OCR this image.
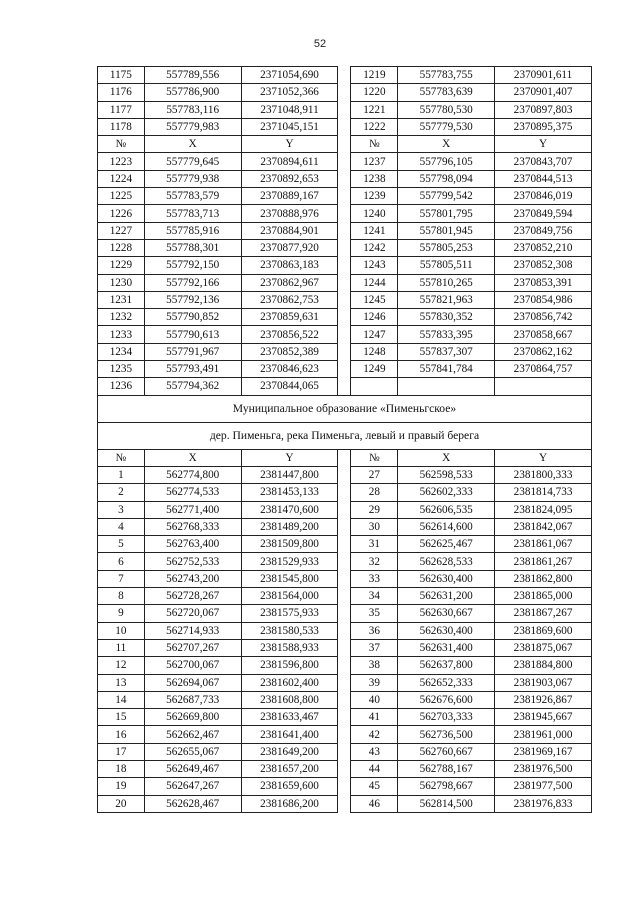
52
1175	557789,556	2371054,690		1219	557783,755	2370901,611
1176	557786,900	2371052,366		1220	557783,639	2370901,407
1177	557783,116	2371048,911		1221	557780,530	2370897,803
1178	557779,983	2371045,151		1222	557779,530	2370895,375
№	X	Y		№	X	Y
1223	557779,645	2370894,611		1237	557796,105	2370843,707
1224	557779,938	2370892,653		1238	557798,094	2370844,513
1225	557783,579	2370889,167		1239	557799,542	2370846,019
1226	557783,713	2370888,976		1240	557801,795	2370849,594
1227	557785,916	2370884,901		1241	557801,945	2370849,756
1228	557788,301	2370877,920		1242	557805,253	2370852,210
1229	557792,150	2370863,183		1243	557805,511	2370852,308
1230	557792,166	2370862,967		1244	557810,265	2370853,391
1231	557792,136	2370862,753		1245	557821,963	2370854,986
1232	557790,852	2370859,631		1246	557830,352	2370856,742
1233	557790,613	2370856,522		1247	557833,395	2370858,667
1234	557791,967	2370852,389		1248	557837,307	2370862,162
1235	557793,491	2370846,623		1249	557841,784	2370864,757
1236	557794,362	2370844,065				
Муниципальное образование «Пименьгское»						
дер. Пименьга, река Пименьга, левый и правый берега						
№	X	Y		№	X	Y
1	562774,800	2381447,800		27	562598,533	2381800,333
2	562774,533	2381453,133		28	562602,333	2381814,733
3	562771,400	2381470,600		29	562606,535	2381824,095
4	562768,333	2381489,200		30	562614,600	2381842,067
5	562763,400	2381509,800		31	562625,467	2381861,067
6	562752,533	2381529,933		32	562628,533	2381861,267
7	562743,200	2381545,800		33	562630,400	2381862,800
8	562728,267	2381564,000		34	562631,200	2381865,000
9	562720,067	2381575,933		35	562630,667	2381867,267
10	562714,933	2381580,533		36	562630,400	2381869,600
11	562707,267	2381588,933		37	562631,400	2381875,067
12	562700,067	2381596,800		38	562637,800	2381884,800
13	562694,067	2381602,400		39	562652,333	2381903,067
14	562687,733	2381608,800		40	562676,600	2381926,867
15	562669,800	2381633,467		41	562703,333	2381945,667
16	562662,467	2381641,400		42	562736,500	2381961,000
17	562655,067	2381649,200		43	562760,667	2381969,167
18	562649,467	2381657,200		44	562788,167	2381976,500
19	562647,267	2381659,600		45	562798,667	2381977,500
20	562628,467	2381686,200		46	562814,500	2381976,833
